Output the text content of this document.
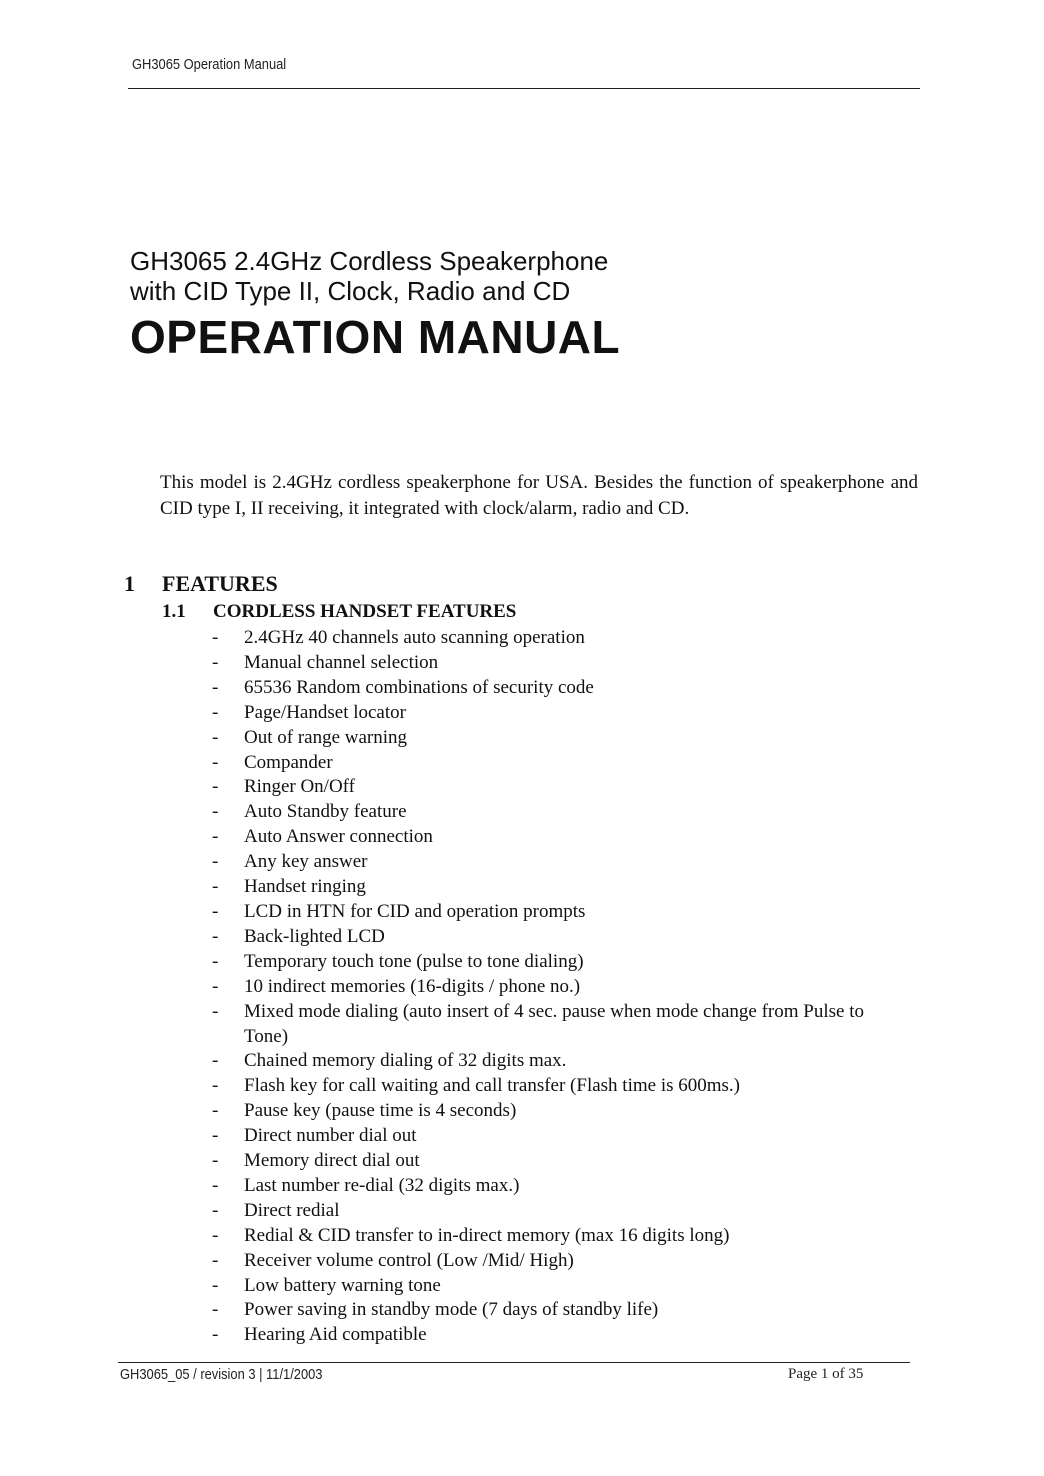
GH3065 Operation Manual
GH3065 2.4GHz Cordless Speakerphone
with CID Type II, Clock, Radio and CD
OPERATION MANUAL

This model is 2.4GHz cordless speakerphone for USA. Besides the function of speakerphone and CID type I, II receiving, it integrated with clock/alarm, radio and CD.

1 FEATURES
1.1 CORDLESS HANDSET FEATURES
- 2.4GHz 40 channels auto scanning operation
- Manual channel selection
- 65536 Random combinations of security code
- Page/Handset locator
- Out of range warning
- Compander
- Ringer On/Off
- Auto Standby feature
- Auto Answer connection
- Any key answer
- Handset ringing
- LCD in HTN for CID and operation prompts
- Back-lighted LCD
- Temporary touch tone (pulse to tone dialing)
- 10 indirect memories (16-digits / phone no.)
- Mixed mode dialing (auto insert of 4 sec. pause when mode change from Pulse to Tone)
- Chained memory dialing of 32 digits max.
- Flash key for call waiting and call transfer (Flash time is 600ms.)
- Pause key (pause time is 4 seconds)
- Direct number dial out
- Memory direct dial out
- Last number re-dial (32 digits max.)
- Direct redial
- Redial & CID transfer to in-direct memory (max 16 digits long)
- Receiver volume control (Low /Mid/ High)
- Low battery warning tone
- Power saving in standby mode (7 days of standby life)
- Hearing Aid compatible
GH3065_05 / revision 3 | 11/1/2003	Page 1 of 35
